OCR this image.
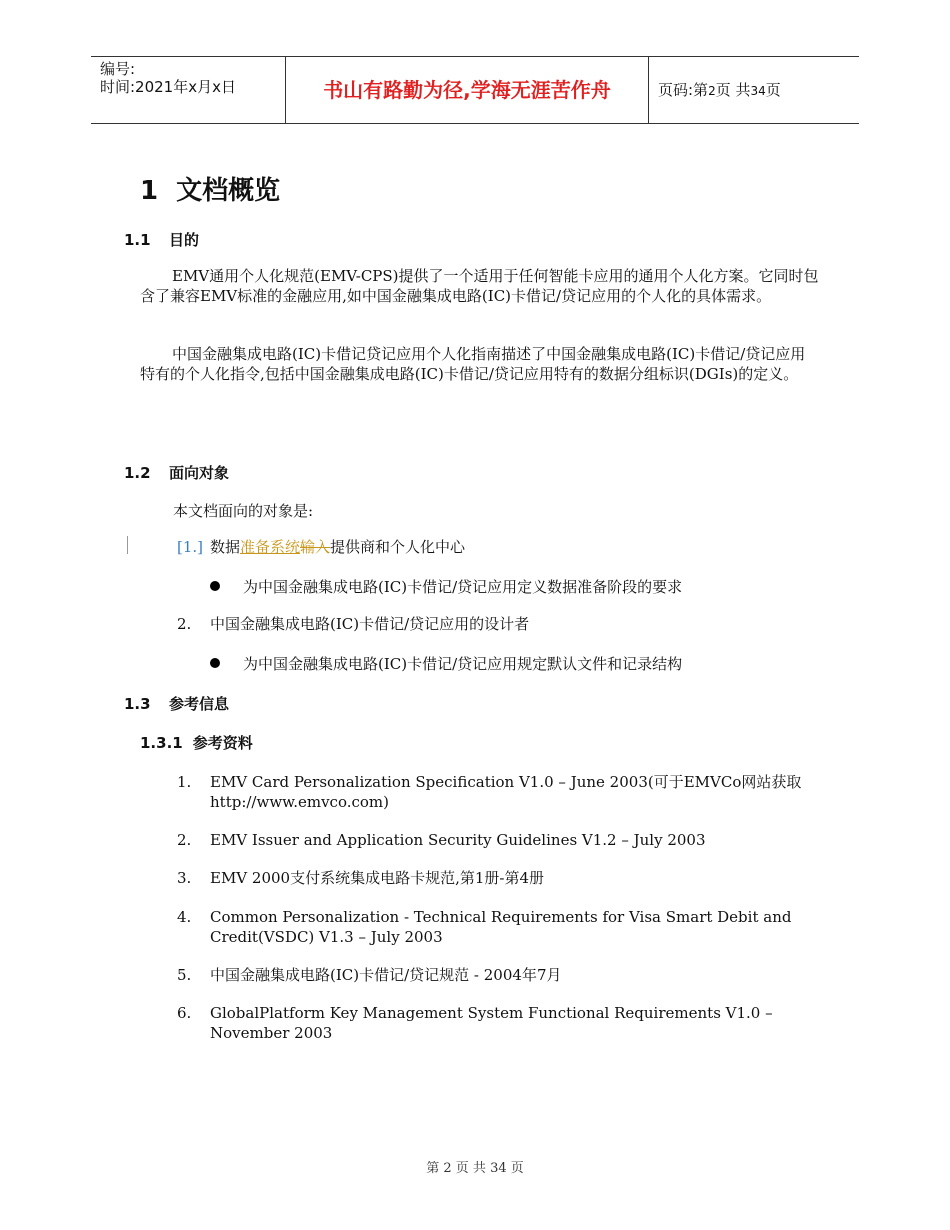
编号:
时间:2021年x月x日	书山有路勤为径,学海无涯苦作舟	页码:第2页 共34页
1 文档概览
1.1 目的

EMV通用个人化规范(EMV-CPS)提供了一个适用于任何智能卡应用的通用个人化方案。它同时包含了兼容EMV标准的金融应用,如中国金融集成电路(IC)卡借记/贷记应用的个人化的具体需求。

中国金融集成电路(IC)卡借记贷记应用个人化指南描述了中国金融集成电路(IC)卡借记/贷记应用特有的个人化指令,包括中国金融集成电路(IC)卡借记/贷记应用特有的数据分组标识(DGIs)的定义。

1.2 面向对象
本文档面向的对象是:
[1.] 数据准备系统输入提供商和个人化中心
为中国金融集成电路(IC)卡借记/贷记应用定义数据准备阶段的要求
2. 中国金融集成电路(IC)卡借记/贷记应用的设计者
为中国金融集成电路(IC)卡借记/贷记应用规定默认文件和记录结构
1.3 参考信息
1.3.1 参考资料
1. EMV Card Personalization Specification V1.0 – June 2003(可于EMVCo网站获取http://www.emvco.com)
2. EMV Issuer and Application Security Guidelines V1.2 – July 2003
3. EMV 2000支付系统集成电路卡规范,第1册-第4册
4. Common Personalization - Technical Requirements for Visa Smart Debit and Credit(VSDC) V1.3 – July 2003
5. 中国金融集成电路(IC)卡借记/贷记规范 - 2004年7月
6. GlobalPlatform Key Management System Functional Requirements V1.0 – November 2003
第 2 页 共 34 页
